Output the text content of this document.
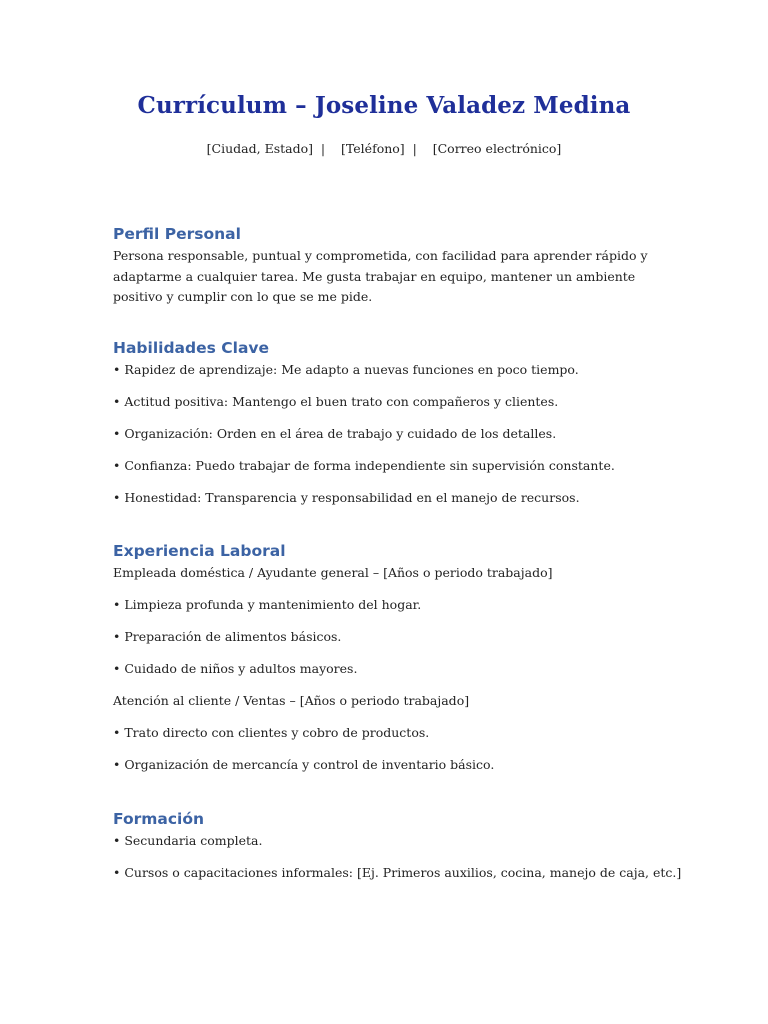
Currículum – Joseline Valadez Medina
[Ciudad, Estado]  |    [Teléfono]  |    [Correo electrónico]
Perfil Personal

Persona responsable, puntual y comprometida, con facilidad para aprender rápido y adaptarme a cualquier tarea. Me gusta trabajar en equipo, mantener un ambiente positivo y cumplir con lo que se me pide.

Habilidades Clave
• Rapidez de aprendizaje: Me adapto a nuevas funciones en poco tiempo.
• Actitud positiva: Mantengo el buen trato con compañeros y clientes.
• Organización: Orden en el área de trabajo y cuidado de los detalles.
• Confianza: Puedo trabajar de forma independiente sin supervisión constante.
• Honestidad: Transparencia y responsabilidad en el manejo de recursos.
Experiencia Laboral
Empleada doméstica / Ayudante general – [Años o periodo trabajado]
• Limpieza profunda y mantenimiento del hogar.
• Preparación de alimentos básicos.
• Cuidado de niños y adultos mayores.
Atención al cliente / Ventas – [Años o periodo trabajado]
• Trato directo con clientes y cobro de productos.
• Organización de mercancía y control de inventario básico.
Formación
• Secundaria completa.
• Cursos o capacitaciones informales: [Ej. Primeros auxilios, cocina, manejo de caja, etc.]
